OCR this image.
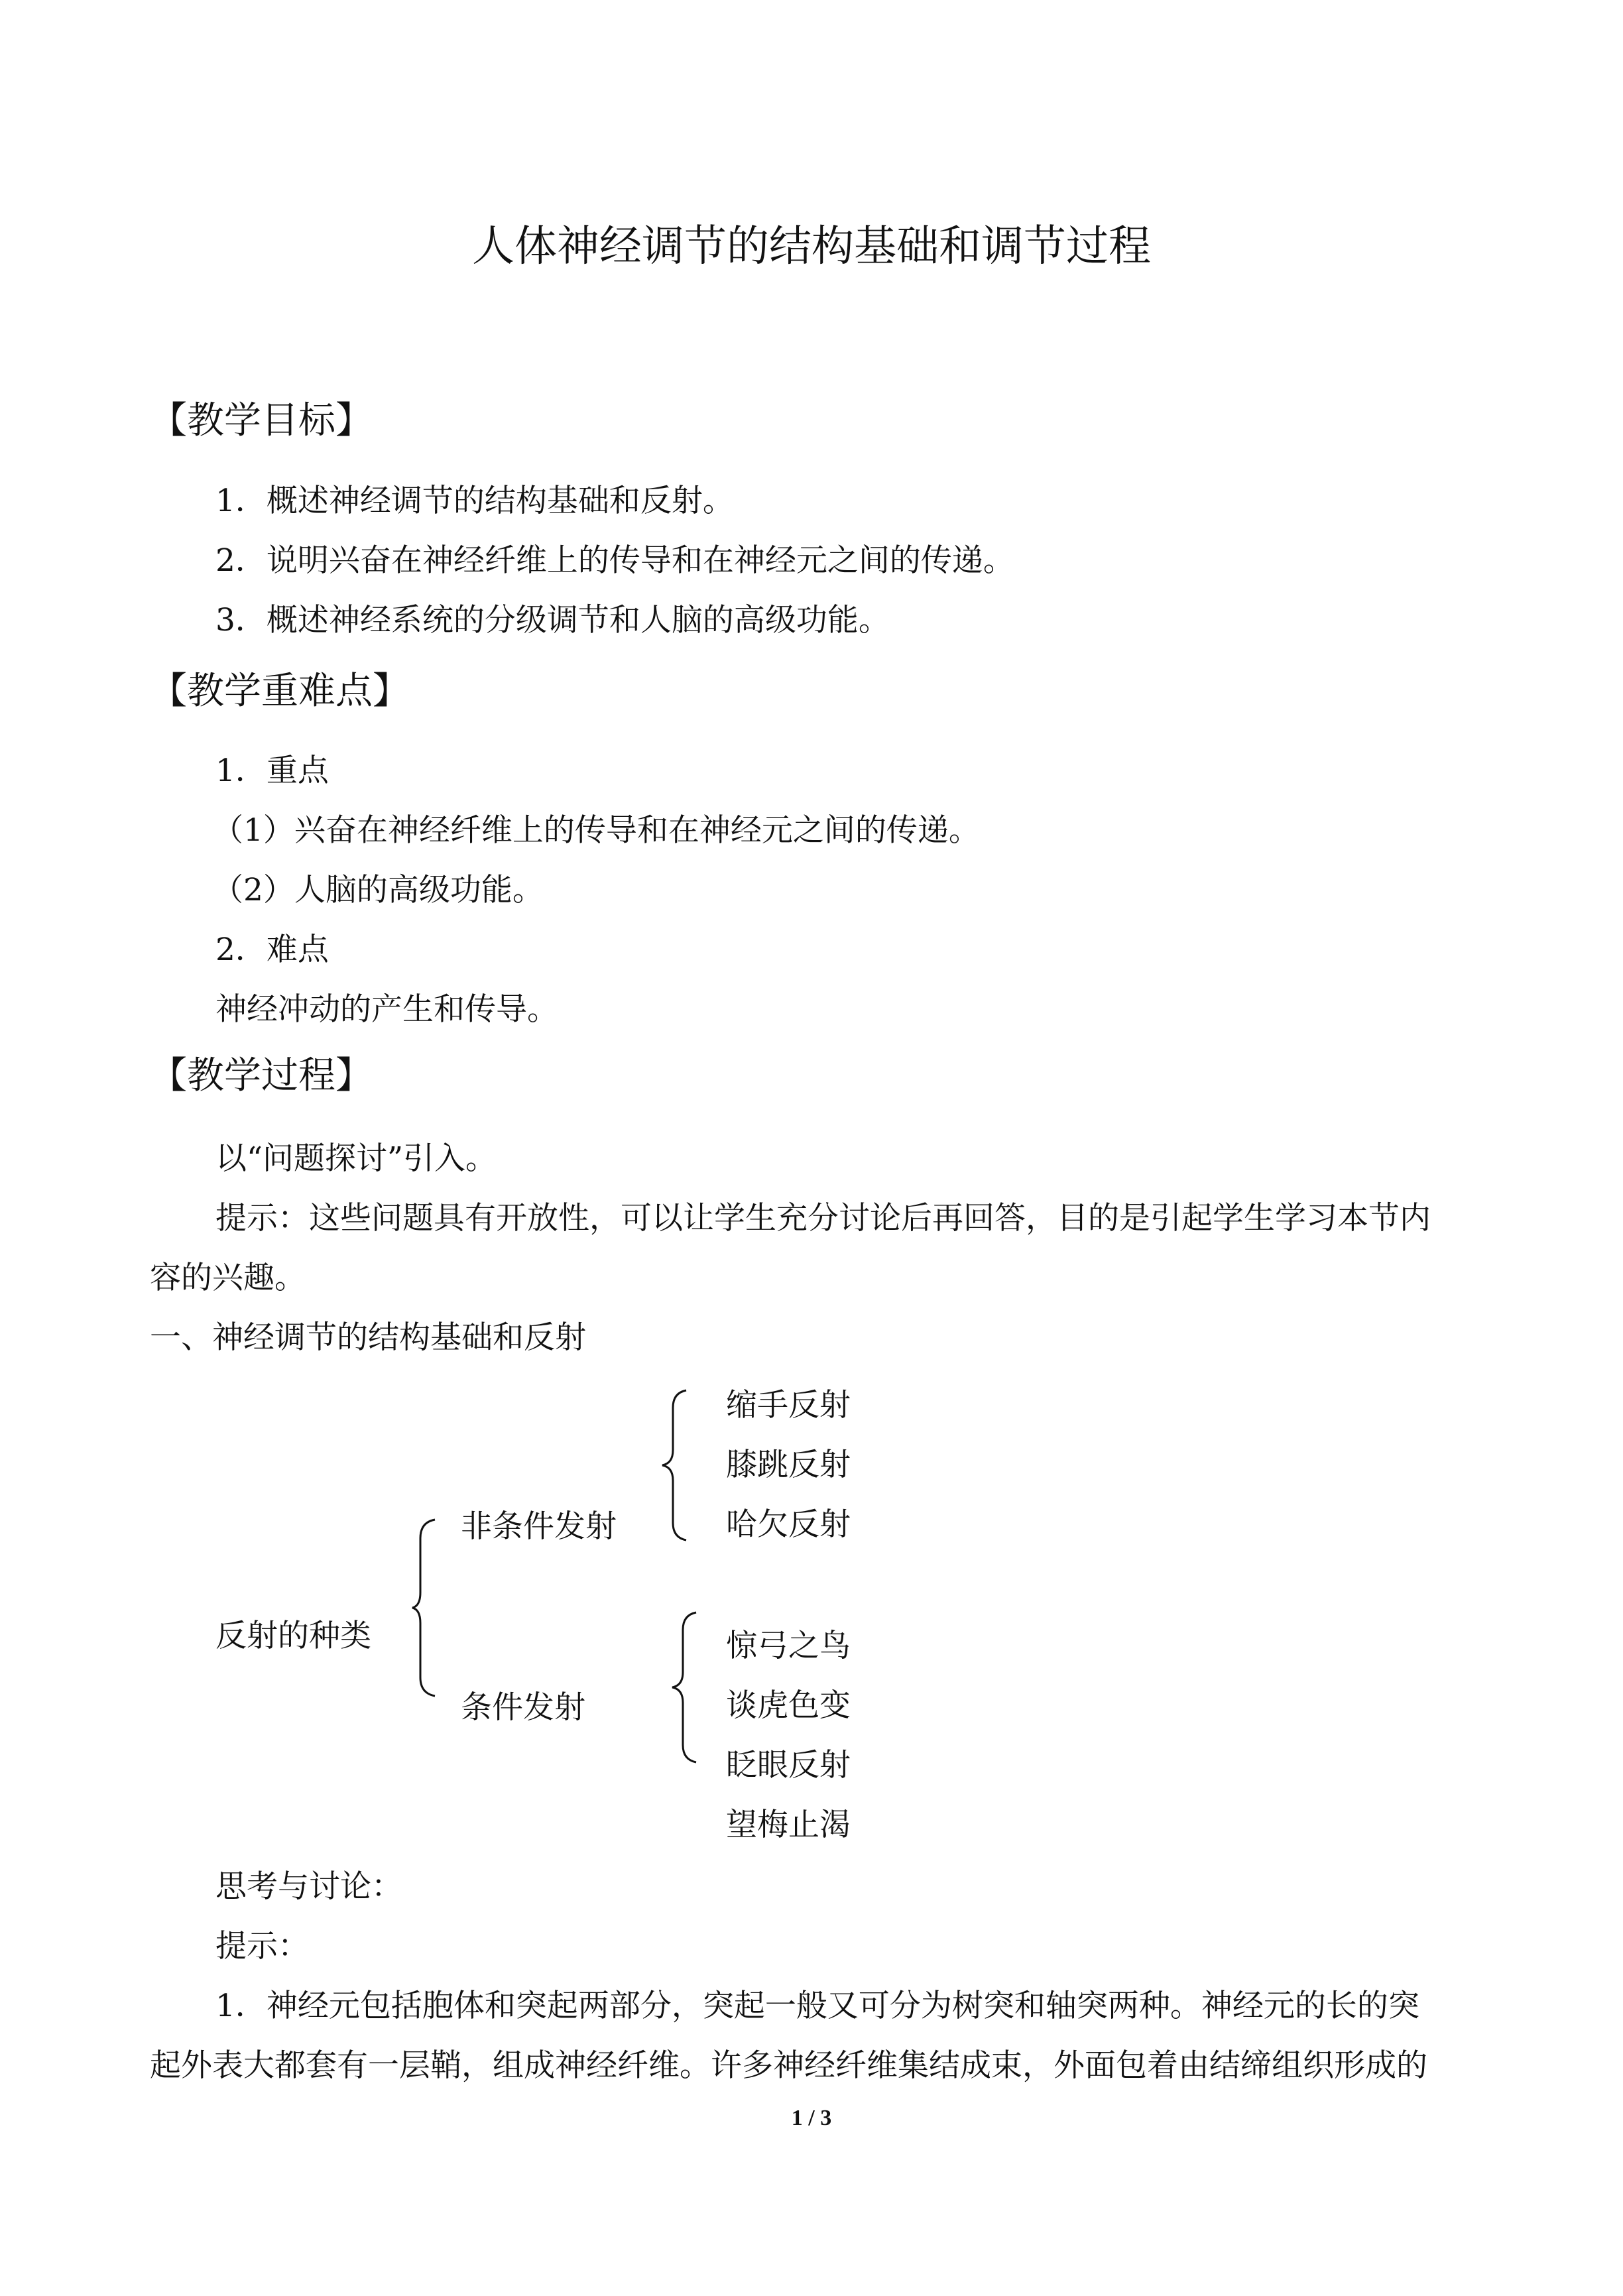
人体神经调节的结构基础和调节过程
【教学目标】
1．概述神经调节的结构基础和反射。
2．说明兴奋在神经纤维上的传导和在神经元之间的传递。
3．概述神经系统的分级调节和人脑的高级功能。
【教学重难点】
1．重点
（1）兴奋在神经纤维上的传导和在神经元之间的传递。
（2）人脑的高级功能。
2．难点
神经冲动的产生和传导。
【教学过程】
以“问题探讨”引入。
提示：这些问题具有开放性，可以让学生充分讨论后再回答，目的是引起学生学习本节内
容的兴趣。
一、神经调节的结构基础和反射
反射的种类
非条件发射
条件发射
缩手反射
膝跳反射
哈欠反射
惊弓之鸟
谈虎色变
眨眼反射
望梅止渴
思考与讨论：
提示：
1．神经元包括胞体和突起两部分，突起一般又可分为树突和轴突两种。神经元的长的突
起外表大都套有一层鞘，组成神经纤维。许多神经纤维集结成束，外面包着由结缔组织形成的
1 / 3
